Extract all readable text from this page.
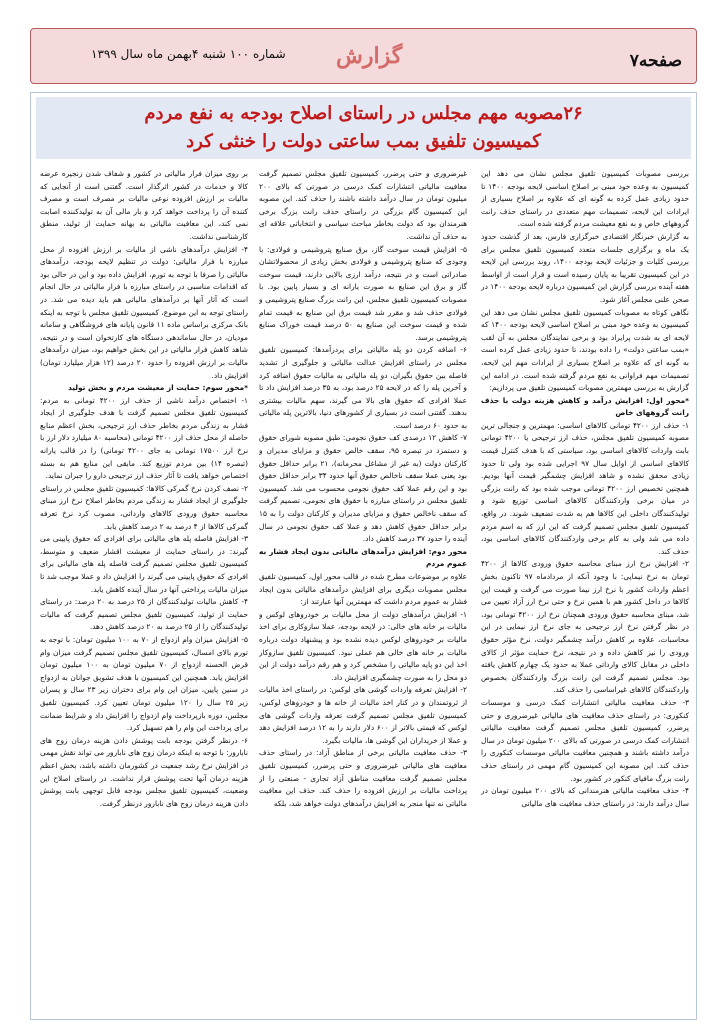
صفحه۷
گزارش
شماره ۱۰۰ شنبه ۴بهمن ماه سال ۱۳۹۹
۲۶مصوبه مهم مجلس در راستای اصلاح بودجه به نفع مردم
کمیسیون تلفیق بمب ساعتی دولت را خنثی کرد

بررسی مصوبات کمیسیون تلفیق مجلس نشان می دهد این کمیسیون به وعده خود مبنی بر اصلاح اساسی لایحه بودجه ۱۴۰۰ تا حدود زیادی عمل کرده به گونه ای که علاوه بر اصلاح بسیاری از ایرادات این لایحه، تصمیمات مهم متعددی در راستای حذف رانت گروههای خاص و به نفع معیشت مردم گرفته شده است.

به گزارش خبرنگار اقتصادی خبرگزاری فارس، بعد از گذشت حدود یک ماه و برگزاری جلسات متعدد کمیسیون تلفیق مجلس برای بررسی کلیات و جزئیات لایحه بودجه ۱۴۰۰، روند بررسی این لایحه در این کمیسیون تقریبا به پایان رسیده است و قرار است از اواسط هفته آینده بررسی گزارش این کمیسیون درباره لایحه بودجه ۱۴۰۰ در صحن علنی مجلس آغاز شود.

نگاهی کوتاه به مصوبات کمیسیون تلفیق مجلس نشان می دهد این کمیسیون به وعده خود مبنی بر اصلاح اساسی لایحه بودجه ۱۴۰۰ که لایحه ای به شدت پرایراد بود و برخی نمایندگان مجلس به آن لقب «بمب ساعتی دولت» را داده بودند، تا حدود زیادی عمل کرده است به گونه ای که علاوه بر اصلاح بسیاری از ایرادات مهم این لایحه، تصمیمات مهم فراوانی به نفع مردم گرفته شده است. در ادامه این گزارش به بررسی مهمترین مصوبات کمیسیون تلفیق می پردازیم:

*محور اول: افزایش درآمد و کاهش هزینه دولت با حذف رانت گروههای خاص

۱- حذف ارز ۴۲۰۰ تومانی کالاهای اساسی: مهمترین و جنجالی ترین مصوبه کمیسیون تلفیق مجلس، حذف ارز ترجیحی یا ۴۲۰۰ تومانی بابت واردات کالاهای اساسی بود، سیاستی که با هدف کنترل قیمت کالاهای اساسی از اوایل سال ۹۷ اجرایی شده بود ولی تا حدود زیادی محقق نشده و شاهد افزایش چشمگیر قیمت آنها بودیم. همچنین تخصیص ارز ۴۲۰۰ تومانی موجب شده بود که رانت بزرگی در میان برخی واردکنندگان کالاهای اساسی توزیع شود و تولیدکنندگان داخلی این کالاها هم به شدت تضعیف شوند. در واقع، کمیسیون تلفیق مجلس تصمیم گرفت که این ارز که به اسم مردم داده می شد ولی به کام برخی واردکنندگان کالاهای اساسی بود، حذف کند.

۲- افزایش نرخ ارز مبنای محاسبه حقوق ورودی کالاها از ۴۲۰۰ تومان به نرخ نیمایی: با وجود آنکه از مردادماه ۹۷ تاکنون بخش اعظم واردات کشور با نرخ ارز نیما صورت می گرفت و قیمت این کالاها در داخل کشور هم با همین نرخ و حتی نرخ ارز آزاد تعیین می شد، مبنای محاسبه حقوق ورودی همچنان نرخ ارز ۴۲۰۰ تومانی بود، در نظر گرفتن نرخ ارز ترجیحی به جای نرخ ارز نیمایی در این محاسبات، علاوه بر کاهش درآمد چشمگیر دولت، نرخ مؤثر حقوق ورودی را نیز کاهش داده و در نتیجه، نرخ حمایت مؤثر از کالای داخلی در مقابل کالای وارداتی عملا به حدود یک چهارم کاهش یافته بود. مجلس تصمیم گرفت این رانت بزرگ واردکنندگان بخصوص واردکنندگان کالاهای غیراساسی را حذف کند.

۳- حذف معافیت مالیاتی انتشارات کمک درسی و موسسات کنکوری: در راستای حذف معافیت های مالیاتی غیرضروری و حتی پرضرر، کمیسیون تلفیق مجلس تصمیم گرفت معافیت مالیاتی انتشارات کمک درسی در صورتی که بالای ۲۰۰ میلیون تومان در سال درآمد داشته باشند و همچنین معافیت مالیاتی موسسات کنکوری را حذف کند. این مصوبه این کمیسیون گام مهمی در راستای حذف رانت بزرگ مافیای کنکور در کشور بود.

۴- حذف معافیت مالیاتی هنرمندانی که بالای ۲۰۰ میلیون تومان در سال درآمد دارند: در راستای حذف معافیت های مالیاتی

غیرضروری و حتی پرضرر، کمیسیون تلفیق مجلس تصمیم گرفت معافیت مالیاتی انتشارات کمک درسی در صورتی که بالای ۲۰۰ میلیون تومان در سال درآمد داشته باشند را حذف کند. این مصوبه این کمیسیون گام بزرگی در راستای حذف رانت بزرگ برخی هنرمندان بود که دولت بخاطر مباحث سیاسی و انتخاباتی علاقه ای به حذف آن نداشت.

۵- افزایش قیمت سوخت گاز، برق صنایع پتروشیمی و فولادی: با وجودی که صنایع پتروشیمی و فولادی بخش زیادی از محصولاتشان صادراتی است و در نتیجه، درآمد ارزی بالایی دارند، قیمت سوخت گاز و برق این صنایع به صورت یارانه ای و بسیار پایین بود. با مصوبات کمیسیون تلفیق مجلس، این رانت بزرگ صنایع پتروشیمی و فولادی حذف شد و مقرر شد قیمت برق این صنایع به قیمت تمام شده و قیمت سوخت این صنایع به ۵۰ درصد قیمت خوراک صنایع پتروشیمی برسد.

۶- اضافه کردن دو پله مالیاتی برای پردرآمدها: کمیسیون تلفیق مجلس در راستای افزایش عدالت مالیاتی و جلوگیری از تشدید فاصله بین حقوق بگیران، دو پله مالیاتی به مالیات حقوق اضافه کرد و آخرین پله را که در لایحه ۲۵ درصد بود، به ۳۵ درصد افزایش داد تا عملا افرادی که حقوق های بالا می گیرند، سهم مالیات بیشتری بدهند. گفتنی است در بسیاری از کشورهای دنیا، بالاترین پله مالیاتی به حدود ۶۰ درصد است.

۷- کاهش ۱۲ درصدی کف حقوق نجومی: طبق مصوبه شورای حقوق و دستمزد در تبصره ۹۵، سقف خالص حقوق و مزایای مدیران و کارکنان دولت (به غیر از مشاغل محرمانه)، ۲۱ برابر حداقل حقوق بود یعنی عملا سقف ناخالص حقوق آنها حدود ۳۴ برابر حداقل حقوق بود و این رقم عملا کف حقوق نجومی محسوب می شد. کمیسیون تلفیق مجلس در راستای مبارزه با حقوق های نجومی، تصمیم گرفت که سقف ناخالص حقوق و مزایای مدیران و کارکنان دولت را به ۱۵ برابر حداقل حقوق کاهش دهد و عملا کف حقوق نجومی در سال آینده را حدود ۳۷ درصد کاهش داد.

محور دوم: افزایش درآمدهای مالیاتی بدون ایجاد فشار به عموم مردم

علاوه بر موضوعات مطرح شده در قالب محور اول، کمیسیون تلفیق مجلس مصوبات دیگری برای افزایش درآمدهای مالیاتی بدون ایجاد فشار به عموم مردم داشت که مهمترین آنها عبارتند از:

۱- افزایش درآمدهای دولت از محل مالیات بر خودروهای لوکس و مالیات بر خانه های خالی: در لایحه بودجه، عملا سازوکاری برای اخذ مالیات بر خودروهای لوکس دیده نشده بود و پیشنهاد دولت درباره مالیات بر خانه های خالی هم عملی نبود. کمیسیون تلفیق سازوکار اخذ این دو پایه مالیاتی را مشخص کرد و هم رقم درآمد دولت از این دو محل را به صورت چشمگیری افزایش داد.

۲- افزایش تعرفه واردات گوشی های لوکس: در راستای اخذ مالیات از ثروتمندان و در کنار اخذ مالیات از خانه ها و خودروهای لوکس، کمیسیون تلفیق مجلس تصمیم گرفت تعرفه واردات گوشی های لوکس که قیمتی بالاتر از ۶۰۰ دلار دارند را به ۱۲ درصد افزایش دهد و عملا از خریداران این گوشی ها، مالیات بگیرد.

۳- حذف معافیت مالیاتی برخی از مناطق آزاد: در راستای حذف معافیت های مالیاتی غیرضروری و حتی پرضرر، کمیسیون تلفیق مجلس تصمیم گرفت معافیت مناطق آزاد تجاری - صنعتی را از پرداخت مالیات بر ارزش افزوده را حذف کند. حذف این معافیت مالیاتی نه تنها منجر به افزایش درآمدهای دولت خواهد شد، بلکه

بر روی میزان فرار مالیاتی در کشور و شفاف شدن زنجیره عرضه کالا و خدمات در کشور اثرگذار است. گفتنی است از آنجایی که مالیات بر ارزش افزوده نوعی مالیات بر مصرف است و مصرف کننده آن را پرداخت خواهد کرد و بار مالی آن به تولیدکننده اصابت نمی کند، این معافیت مالیاتی به بهانه حمایت از تولید، منطق کارشناسی نداشت.

۴- افزایش درآمدهای ناشی از مالیات بر ارزش افزوده از محل مبارزه با فرار مالیاتی: دولت در تنظیم لایحه بودجه، درآمدهای مالیاتی را صرفا با توجه به تورم، افزایش داده بود و این در حالی بود که اقدامات مناسبی در راستای مبارزه با فرار مالیاتی در حال انجام است که آثار آنها بر درآمدهای مالیاتی هم باید دیده می شد. در راستای توجه به این موضوع، کمیسیون تلفیق مجلس با توجه به اینکه بانک مرکزی براساس ماده ۱۱ قانون پایانه های فروشگاهی و سامانه مودیان، در حال ساماندهی دستگاه های کارتخوان است و در نتیجه، شاهد کاهش فرار مالیاتی در این بخش خواهیم بود، میزان درآمدهای مالیات بر ارزش افزوده را حدود ۲۰ درصد (۱۲ هزار میلیارد تومان) افزایش داد.

*محور سوم: حمایت از معیشت مردم و بخش تولید

۱- اختصاص درآمد ناشی از حذف ارز ۴۲۰۰ تومانی به مردم: کمیسیون تلفیق مجلس تصمیم گرفت با هدف جلوگیری از ایجاد فشار به زندگی مردم بخاطر حذف ارز ترجیحی، بخش اعظم منابع حاصله از محل حذف ارز ۴۲۰۰ تومانی (محاسبه ۸۰ میلیارد دلار ارز با نرخ ارز ۱۷۵۰۰ تومانی به جای ۴۲۰۰ تومانی) را در قالب یارانه (تبصره ۱۴) بین مردم توزیع کند. مابقی این منابع هم به بسته اختصاص خواهد یافت تا آثار حذف ارز ترجیحی دارو را جبران نماید.

۲- نصف کردن نرخ گمرکی کالاها: کمیسیون تلفیق مجلس در راستای جلوگیری از ایجاد فشار به زندگی مردم بخاطر اصلاح نرخ ارز مبنای محاسبه حقوق ورودی کالاهای وارداتی، مصوب کرد نرخ تعرفه گمرکی کالاها از ۴ درصد به ۲ درصد کاهش یابد.

۳- افزایش فاصله پله های مالیاتی برای افرادی که حقوق پایینی می گیرند: در راستای حمایت از معیشت اقشار ضعیف و متوسط، کمیسیون تلفیق مجلس تصمیم گرفت فاصله پله های مالیاتی برای افرادی که حقوق پایینی می گیرند را افزایش داد و عملا موجب شد تا میزان مالیات پرداختی آنها در سال آینده کاهش یابد.

۴- کاهش مالیات تولیدکنندگان از ۲۵ درصد به ۲۰ درصد: در راستای حمایت از تولید، کمیسیون تلفیق مجلس تصمیم گرفت که مالیات تولیدکنندگان را از ۲۵ درصد به ۲۰ درصد کاهش دهد.

۵- افزایش میزان وام ازدواج از ۷۰ به ۱۰۰ میلیون تومان: با توجه به تورم بالای امسال، کمیسیون تلفیق مجلس تصمیم گرفت میزان وام قرض الحسنه ازدواج از ۷۰ میلیون تومان به ۱۰۰ میلیون تومان افزایش یابد. همچنین این کمیسیون با هدف تشویق جوانان به ازدواج در سنین پایین، میزان این وام برای دختران زیر ۲۳ سال و پسران زیر ۲۵ سال را ۱۲۰ میلیون تومان تعیین کرد. کمیسیون تلفیق مجلس، دوره بازپرداخت وام ازدواج را افزایش داد و شرایط ضمانت برای پرداخت این وام را هم تسهیل کرد.

۶- درنظر گرفتن بودجه بابت پوشش دادن هزینه درمان زوج های نابارور: با توجه به اینکه درمان زوج های نابارور می تواند نقش مهمی در افزایش نرخ رشد جمعیت در کشورمان داشته باشد، بخش اعظم هزینه درمان آنها تحت پوشش قرار نداشت. در راستای اصلاح این وضعیت، کمیسیون تلفیق مجلس بودجه قابل توجهی بابت پوشش دادن هزینه درمان زوج های نابارور درنظر گرفت.
